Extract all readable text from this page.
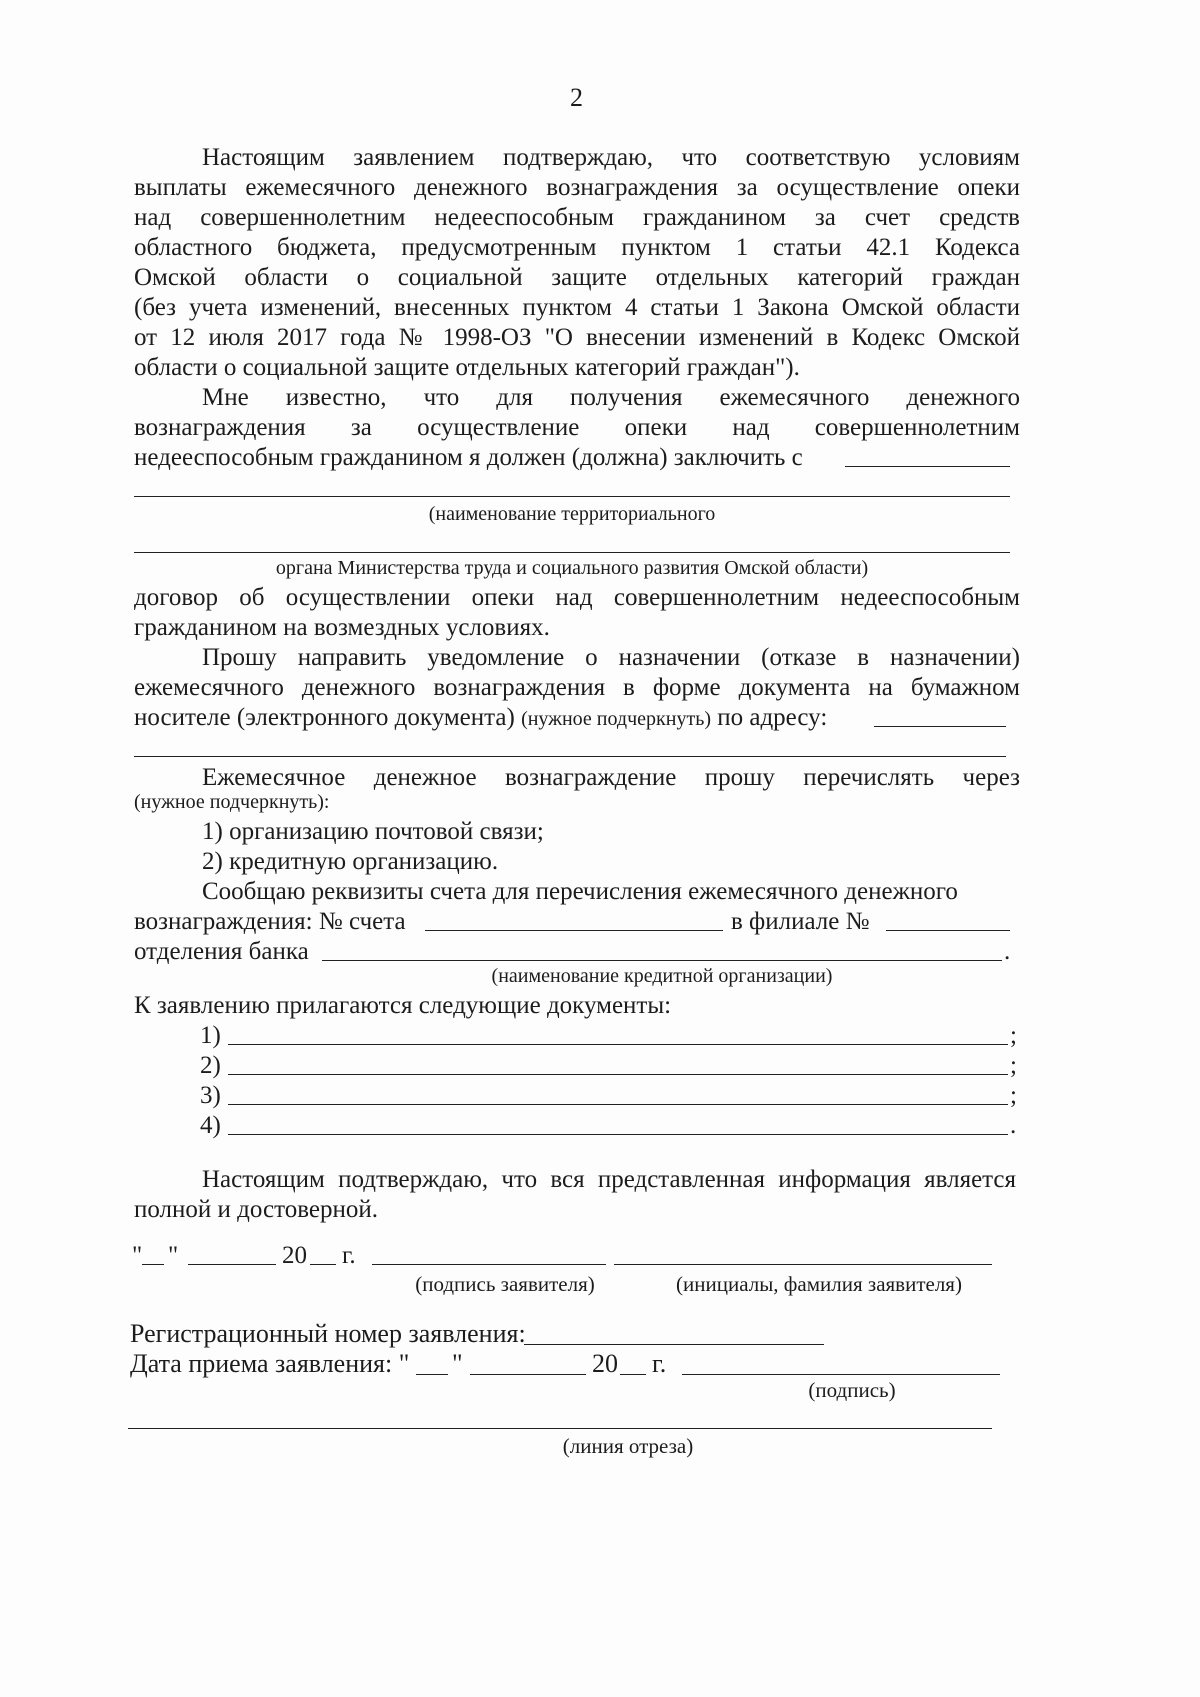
2
Настоящим заявлением подтверждаю, что соответствую условиям
выплаты ежемесячного денежного вознаграждения за осуществление опеки
над совершеннолетним недееспособным гражданином за счет средств
областного бюджета, предусмотренным пунктом 1 статьи 42.1 Кодекса
Омской области о социальной защите отдельных категорий граждан
(без учета изменений, внесенных пунктом 4 статьи 1 Закона Омской области
от 12 июля 2017 года № 1998-ОЗ "О внесении изменений в Кодекс Омской
области о социальной защите отдельных категорий граждан").
Мне известно, что для получения ежемесячного денежного
вознаграждения за осуществление опеки над совершеннолетним
недееспособным гражданином я должен (должна) заключить с
(наименование территориального
органа Министерства труда и социального развития Омской области)
договор об осуществлении опеки над совершеннолетним недееспособным
гражданином на возмездных условиях.
Прошу направить уведомление о назначении (отказе в назначении)
ежемесячного денежного вознаграждения в форме документа на бумажном
носителе (электронного документа) (нужное подчеркнуть) по адресу:
Ежемесячное денежное вознаграждение прошу перечислять через
(нужное подчеркнуть):
1) организацию почтовой связи;
2) кредитную организацию.
Сообщаю реквизиты счета для перечисления ежемесячного денежного
вознаграждения: № счета	в филиале №
отделения банка	.
(наименование кредитной организации)
К заявлению прилагаются следующие документы:
1)	;
2)	;
3)	;
4)	.
Настоящим подтверждаю, что вся представленная информация является
полной и достоверной.
" "	20 г.
(подпись заявителя)	(инициалы, фамилия заявителя)
Регистрационный номер заявления:
Дата приема заявления: " "	20 г.
(подпись)
(линия отреза)
